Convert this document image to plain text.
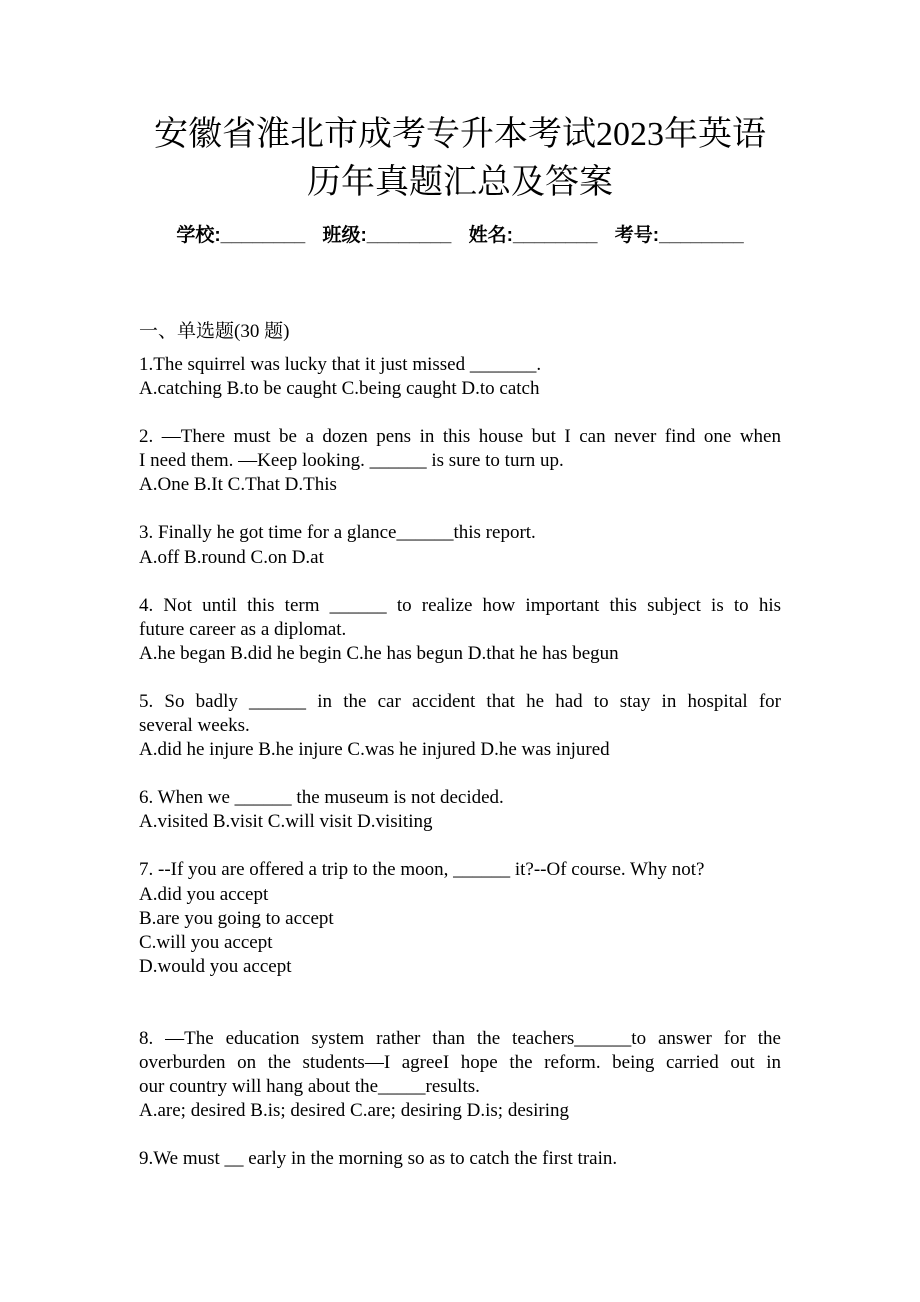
安徽省淮北市成考专升本考试2023年英语
历年真题汇总及答案
学校:________ 班级:________ 姓名:________ 考号:________
一、单选题(30 题)
1.The squirrel was lucky that it just missed _______.
A.catching B.to be caught C.being caught D.to catch
2. —There must be a dozen pens in this house but I can never find one when
I need them. —Keep looking. ______ is sure to turn up.
A.One B.It C.That D.This
3. Finally he got time for a glance______this report.
A.off B.round C.on D.at
4. Not until this term ______ to realize how important this subject is to his
future career as a diplomat.
A.he began B.did he begin C.he has begun D.that he has begun
5. So badly ______ in the car accident that he had to stay in hospital for
several weeks.
A.did he injure B.he injure C.was he injured D.he was injured
6. When we ______ the museum is not decided.
A.visited B.visit C.will visit D.visiting
7. --If you are offered a trip to the moon, ______ it?--Of course. Why not?
A.did you accept
B.are you going to accept
C.will you accept
D.would you accept
8. —The education system rather than the teachers______to answer for the
overburden on the students—I agreeI hope the reform. being carried out in
our country will hang about the_____results.
A.are; desired B.is; desired C.are; desiring D.is; desiring
9.We must __ early in the morning so as to catch the first train.
